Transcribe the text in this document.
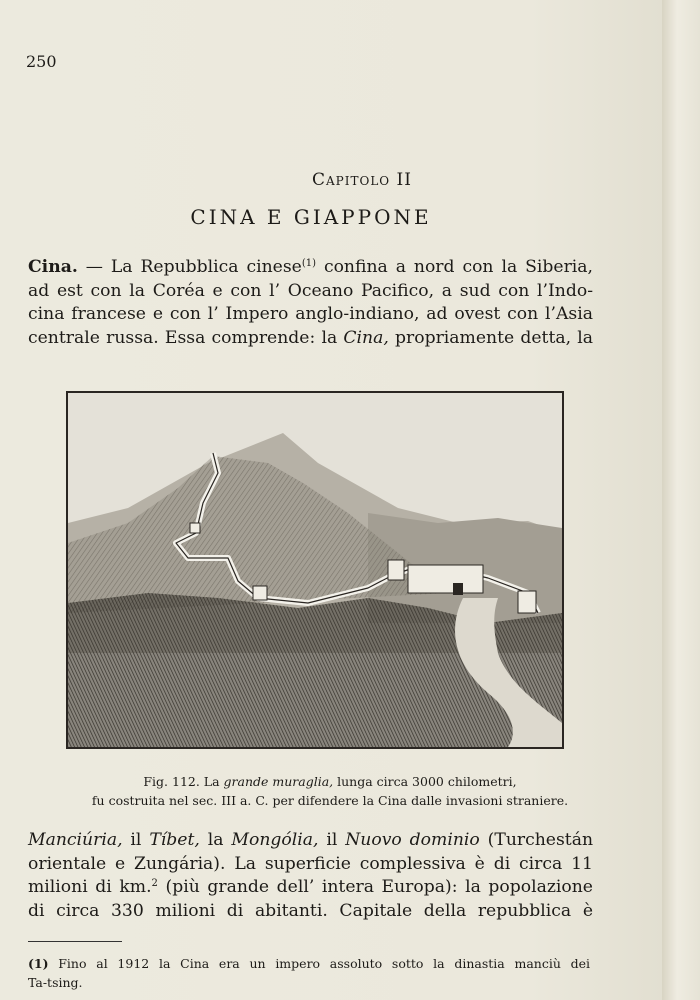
250
Capitolo II
CINA E GIAPPONE
Cina. — La Repubblica cinese$^{(1)}$ confina a nord con la Siberia,
ad est con la Coréa e con l’ Oceano Pacifico, a sud con l’Indo-
cina francese e con l’ Impero anglo-indiano, ad ovest con l’Asia
centrale russa. Essa comprende: la Cina, propriamente detta, la
Fig. 112. La grande muraglia, lunga circa 3000 chilometri,
fu costruita nel sec. III a. C. per difendere la Cina dalle invasioni straniere.
Manciúria, il Tíbet, la Mongólia, il Nuovo dominio (Turchestán
orientale e Zungária). La superficie complessiva è di circa 11
milioni di km.$^2$ (più grande dell’ intera Europa): la popolazione
di circa 330 milioni di abitanti. Capitale della repubblica è
(1) Fino al 1912 la Cina era un impero assoluto sotto la dinastia manciù dei
Ta-tsing.
